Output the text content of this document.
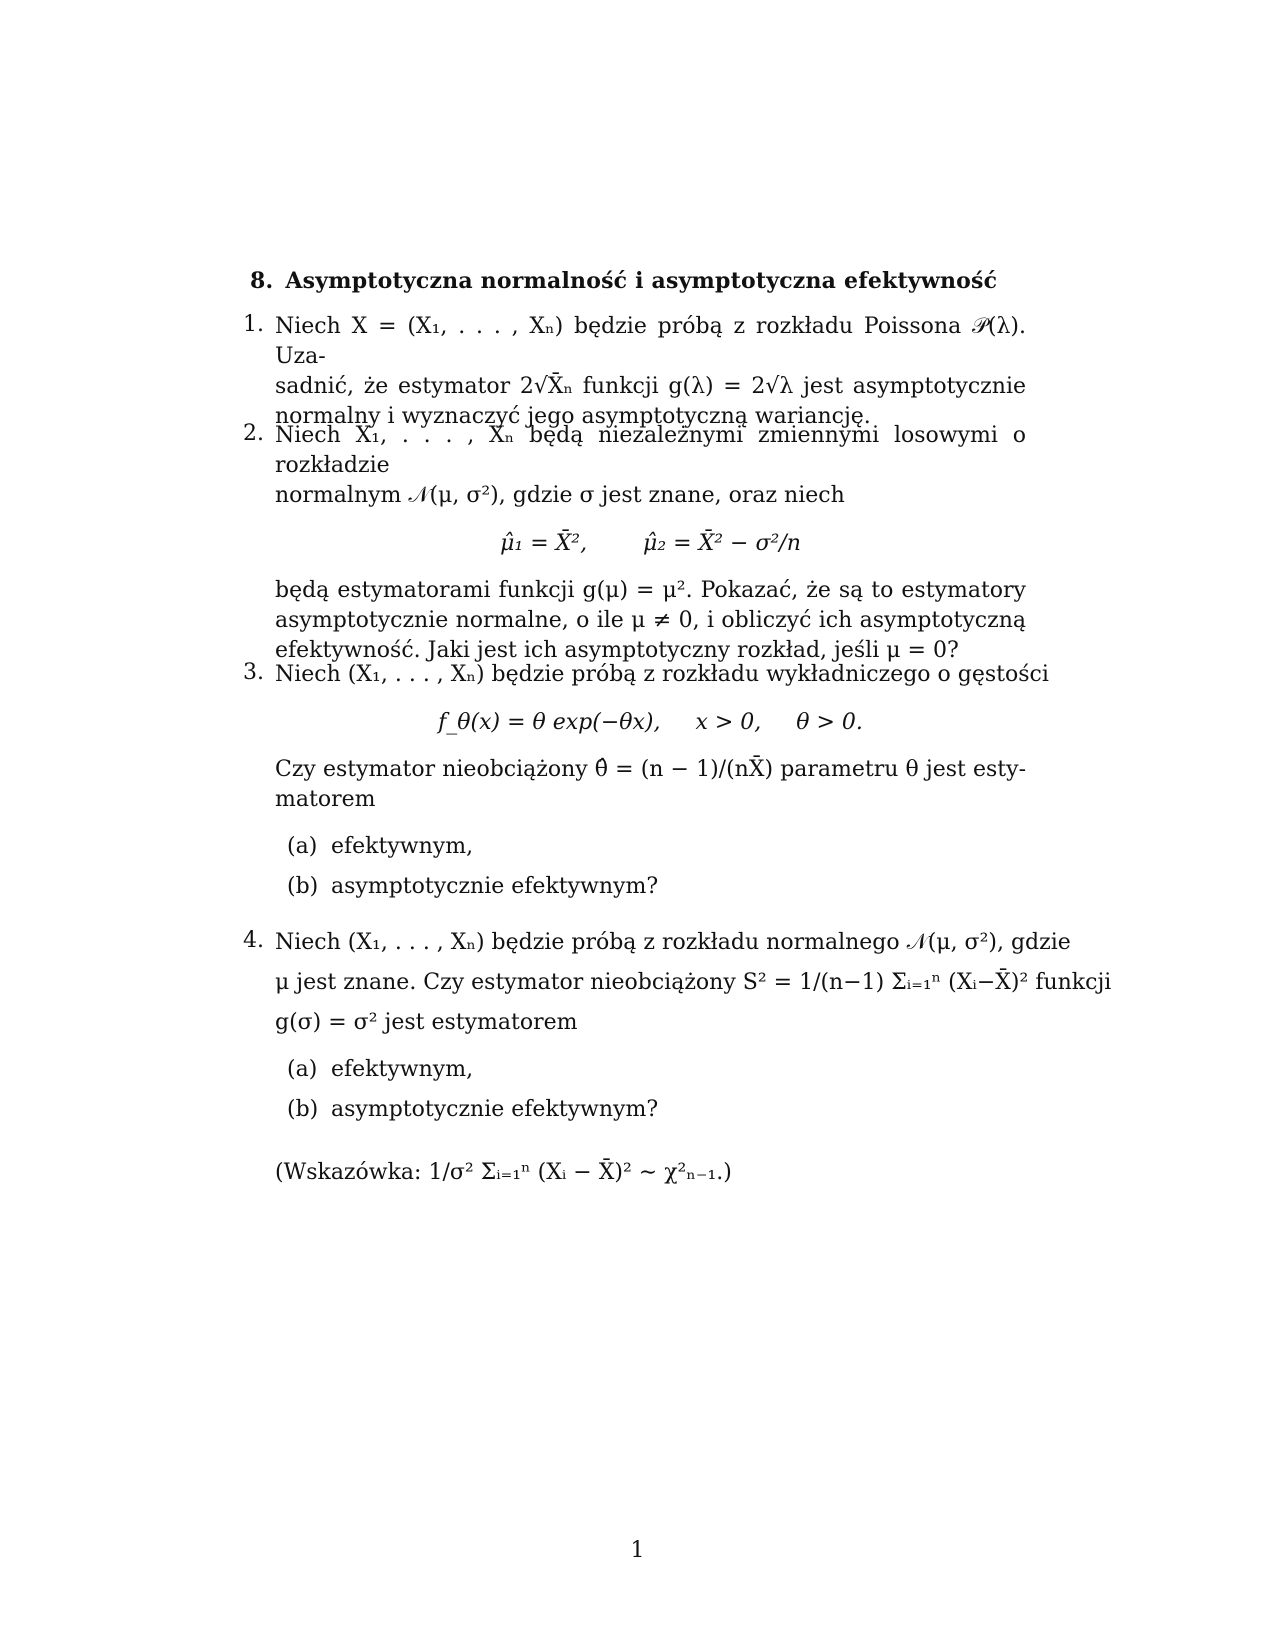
8. Asymptotyczna normalność i asymptotyczna efektywność
1. Niech X = (X₁, . . . , Xₙ) będzie próbą z rozkładu Poissona 𝒫(λ). Uza-
sadnić, że estymator 2√X̄ₙ funkcji g(λ) = 2√λ jest asymptotycznie
normalny i wyznaczyć jego asymptotyczną wariancję.
2. Niech X₁, . . . , Xₙ będą niezależnymi zmiennymi losowymi o rozkładzie
normalnym 𝒩(μ, σ²), gdzie σ jest znane, oraz niech
μ̂₁ = X̄²,        μ̂₂ = X̄² − σ²/n
będą estymatorami funkcji g(μ) = μ². Pokazać, że są to estymatory
asymptotycznie normalne, o ile μ ≠ 0, i obliczyć ich asymptotyczną
efektywność. Jaki jest ich asymptotyczny rozkład, jeśli μ = 0?
3. Niech (X₁, . . . , Xₙ) będzie próbą z rozkładu wykładniczego o gęstości
f_θ(x) = θ exp(−θx),     x > 0,     θ > 0.
Czy estymator nieobciążony θ̂ = (n − 1)/(nX̄) parametru θ jest esty-
matorem
(a) efektywnym,
(b) asymptotycznie efektywnym?
4. Niech (X₁, . . . , Xₙ) będzie próbą z rozkładu normalnego 𝒩(μ, σ²), gdzie
μ jest znane. Czy estymator nieobciążony S² = 1/(n−1) Σᵢ₌₁ⁿ (Xᵢ−X̄)² funkcji
g(σ) = σ² jest estymatorem
(a) efektywnym,
(b) asymptotycznie efektywnym?
(Wskazówka: 1/σ² Σᵢ₌₁ⁿ (Xᵢ − X̄)² ∼ χ²ₙ₋₁.)
1
